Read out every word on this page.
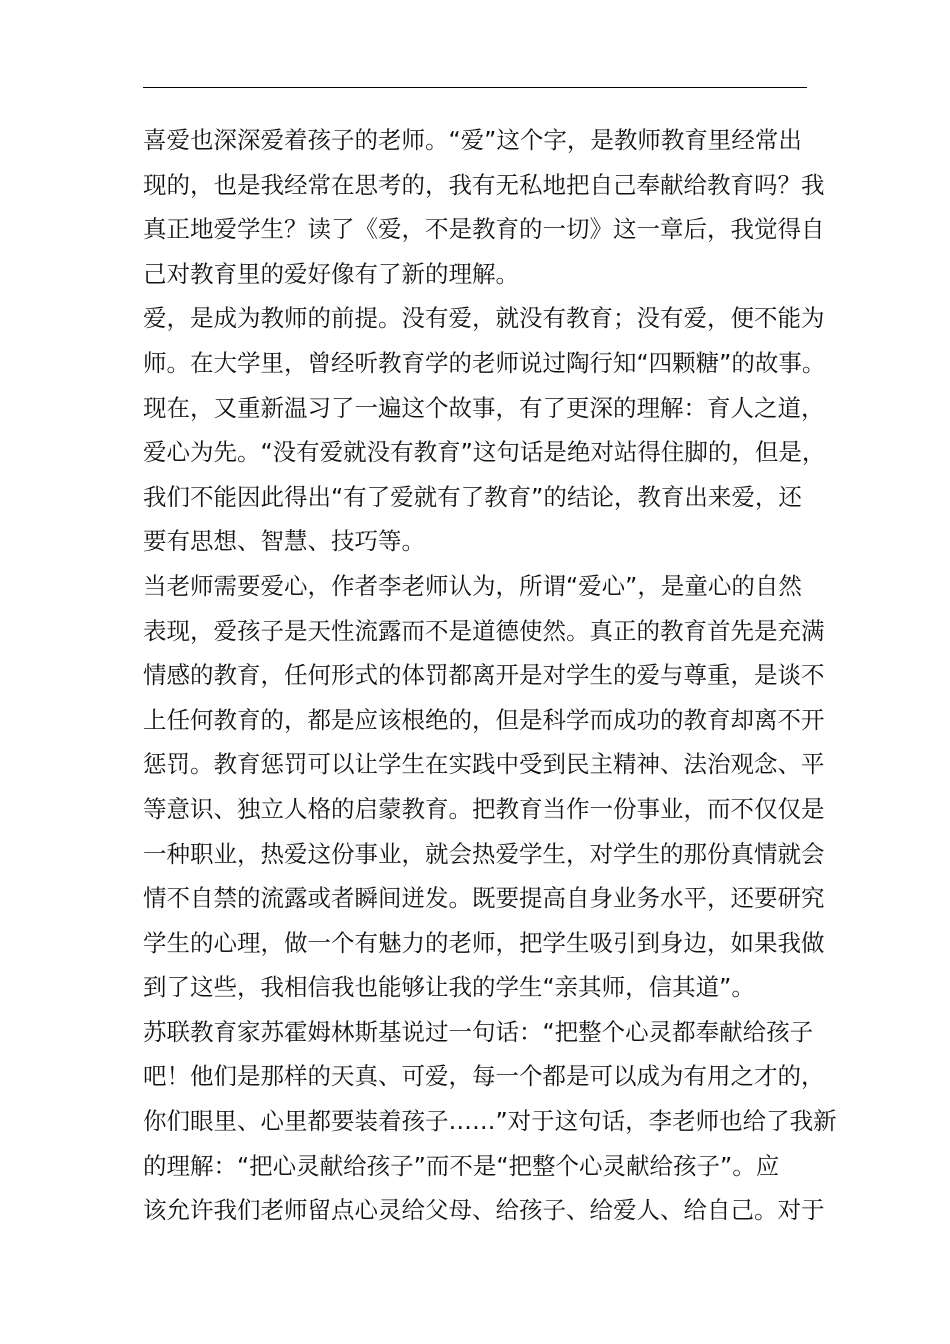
喜爱也深深爱着孩子的老师。“爱”这个字，是教师教育里经常出
现的，也是我经常在思考的，我有无私地把自己奉献给教育吗？我
真正地爱学生？读了《爱，不是教育的一切》这一章后，我觉得自
己对教育里的爱好像有了新的理解。
爱，是成为教师的前提。没有爱，就没有教育；没有爱，便不能为
师。在大学里，曾经听教育学的老师说过陶行知“四颗糖”的故事。
现在，又重新温习了一遍这个故事，有了更深的理解：育人之道，
爱心为先。“没有爱就没有教育”这句话是绝对站得住脚的，但是，
我们不能因此得出“有了爱就有了教育”的结论，教育出来爱，还
要有思想、智慧、技巧等。
当老师需要爱心，作者李老师认为，所谓“爱心”，是童心的自然
表现，爱孩子是天性流露而不是道德使然。真正的教育首先是充满
情感的教育，任何形式的体罚都离开是对学生的爱与尊重，是谈不
上任何教育的，都是应该根绝的，但是科学而成功的教育却离不开
惩罚。教育惩罚可以让学生在实践中受到民主精神、法治观念、平
等意识、独立人格的启蒙教育。把教育当作一份事业，而不仅仅是
一种职业，热爱这份事业，就会热爱学生，对学生的那份真情就会
情不自禁的流露或者瞬间迸发。既要提高自身业务水平，还要研究
学生的心理，做一个有魅力的老师，把学生吸引到身边，如果我做
到了这些，我相信我也能够让我的学生“亲其师，信其道”。
苏联教育家苏霍姆林斯基说过一句话：“把整个心灵都奉献给孩子
吧！他们是那样的天真、可爱，每一个都是可以成为有用之才的，
你们眼里、心里都要装着孩子……”对于这句话，李老师也给了我新
的理解：“把心灵献给孩子”而不是“把整个心灵献给孩子”。应
该允许我们老师留点心灵给父母、给孩子、给爱人、给自己。对于
